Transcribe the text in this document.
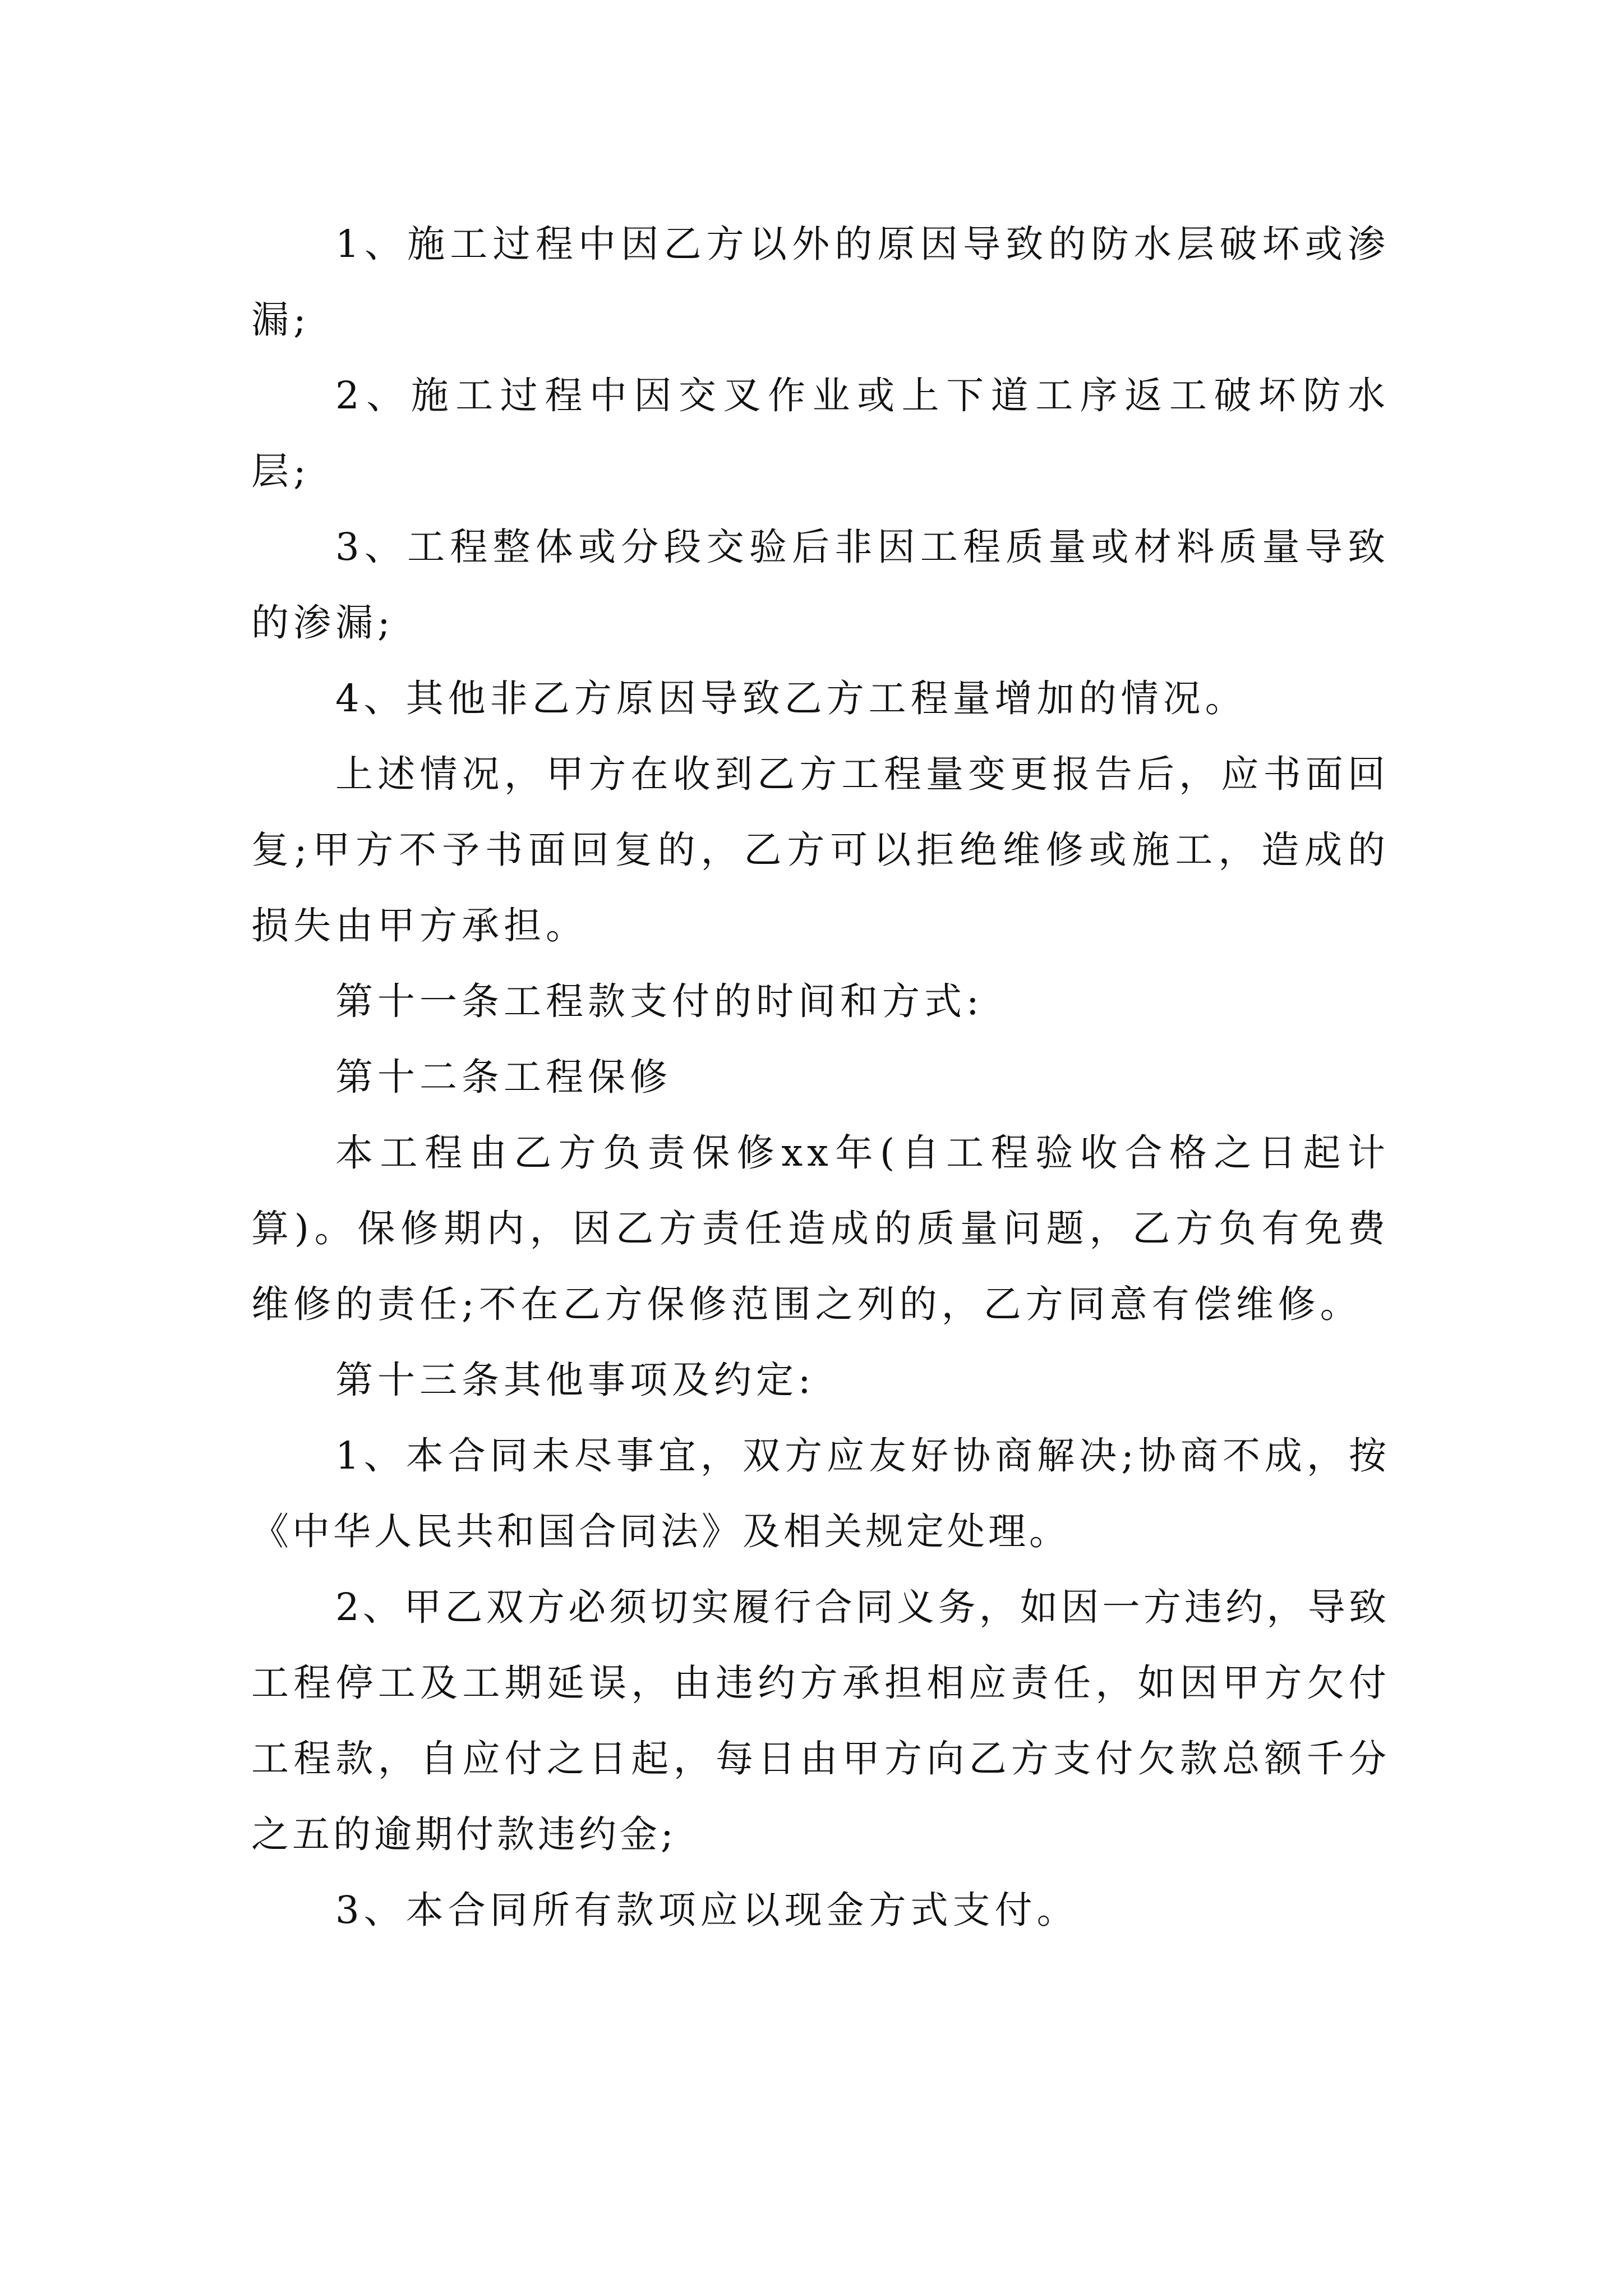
1、施工过程中因乙方以外的原因导致的防水层破坏或渗漏;

2、施工过程中因交叉作业或上下道工序返工破坏防水层;

3、工程整体或分段交验后非因工程质量或材料质量导致的渗漏;

4、其他非乙方原因导致乙方工程量增加的情况。

上述情况，甲方在收到乙方工程量变更报告后，应书面回复;甲方不予书面回复的，乙方可以拒绝维修或施工，造成的损失由甲方承担。

第十一条工程款支付的时间和方式:

第十二条工程保修

本工程由乙方负责保修xx年(自工程验收合格之日起计算)。保修期内，因乙方责任造成的质量问题，乙方负有免费维修的责任;不在乙方保修范围之列的，乙方同意有偿维修。

第十三条其他事项及约定:

1、本合同未尽事宜，双方应友好协商解决;协商不成，按《中华人民共和国合同法》及相关规定处理。

2、甲乙双方必须切实履行合同义务，如因一方违约，导致工程停工及工期延误，由违约方承担相应责任，如因甲方欠付工程款，自应付之日起，每日由甲方向乙方支付欠款总额千分之五的逾期付款违约金;

3、本合同所有款项应以现金方式支付。
